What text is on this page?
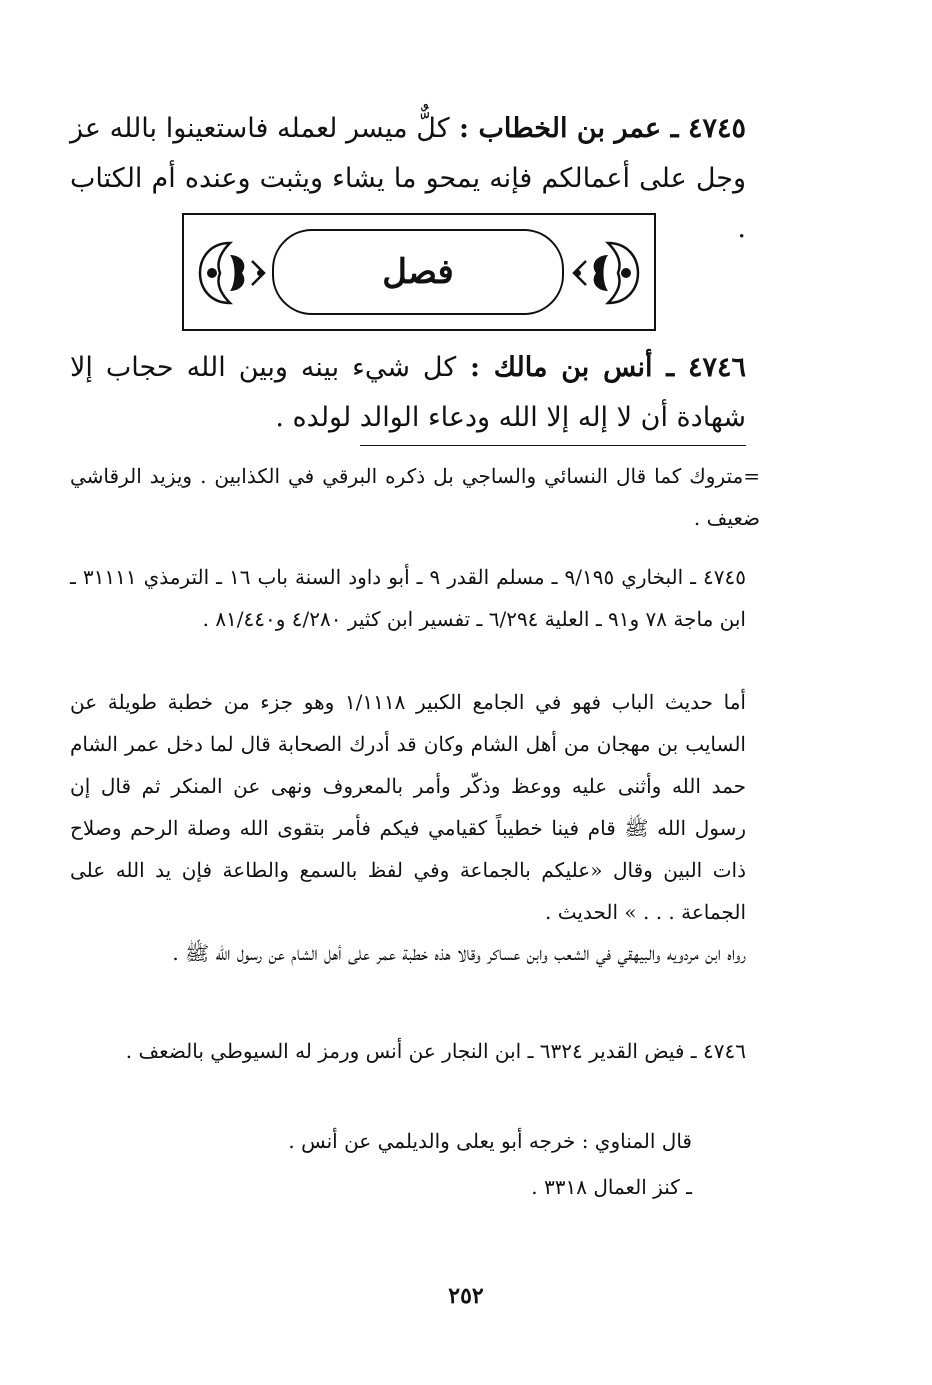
٤٧٤٥ ـ عمر بن الخطاب : كلٌّ ميسر لعمله فاستعينوا بالله عز وجل على أعمالكم فإنه يمحو ما يشاء ويثبت وعنده أم الكتاب .
فصل
٤٧٤٦ ـ أنس بن مالك : كل شيء بينه وبين الله حجاب إلا شهادة أن لا إله إلا الله ودعاء الوالد لولده .
=متروك كما قال النسائي والساجي بل ذكره البرقي في الكذابين . ويزيد الرقاشي ضعيف .
٤٧٤٥ ـ البخاري ٩/١٩٥ ـ مسلم القدر ٩ ـ أبو داود السنة باب ١٦ ـ الترمذي ٣١١١١ ـ ابن ماجة ٧٨ و٩١ ـ العلية ٦/٢٩٤ ـ تفسير ابن كثير ٤/٢٨٠ و٨١/٤٤٠ .
أما حديث الباب فهو في الجامع الكبير ١/١١١٨ وهو جزء من خطبة طويلة عن السايب بن مهجان من أهل الشام وكان قد أدرك الصحابة قال لما دخل عمر الشام حمد الله وأثنى عليه ووعظ وذكّر وأمر بالمعروف ونهى عن المنكر ثم قال إن رسول الله ﷺ قام فينا خطيباً كقيامي فيكم فأمر بتقوى الله وصلة الرحم وصلاح ذات البين وقال «عليكم بالجماعة وفي لفظ بالسمع والطاعة فإن يد الله على الجماعة . . . » الحديث .
رواه ابن مردويه والبيهقي في الشعب وابن عساكر وقالا هذه خطبة عمر على أهل الشام عن رسول الله ﷺ .
٤٧٤٦ ـ فيض القدير ٦٣٢٤ ـ ابن النجار عن أنس ورمز له السيوطي بالضعف .
قال المناوي : خرجه أبو يعلى والديلمي عن أنس .
ـ كنز العمال ٣٣١٨ .
٢٥٢
